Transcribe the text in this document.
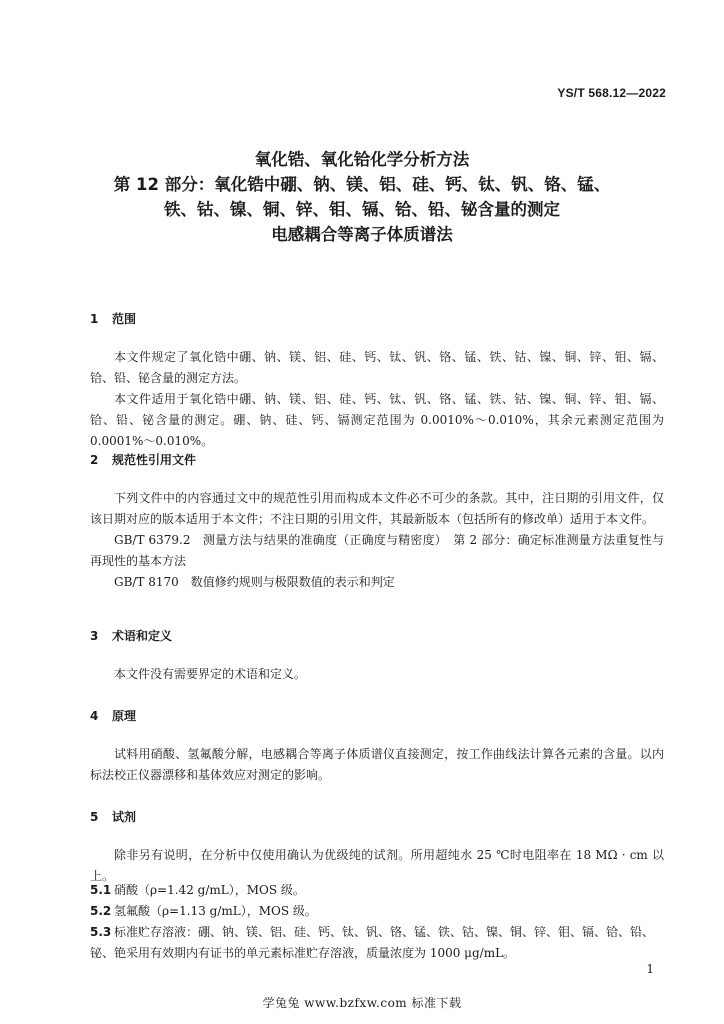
YS/T 568.12—2022
氧化锆、氧化铪化学分析方法
第 12 部分：氧化锆中硼、钠、镁、铝、硅、钙、钛、钒、铬、锰、
铁、钴、镍、铜、锌、钼、镉、铪、铅、铋含量的测定
电感耦合等离子体质谱法
1 范围

本文件规定了氧化锆中硼、钠、镁、铝、硅、钙、钛、钒、铬、锰、铁、钴、镍、铜、锌、钼、镉、铪、铅、铋含量的测定方法。

本文件适用于氧化锆中硼、钠、镁、铝、硅、钙、钛、钒、铬、锰、铁、钴、镍、铜、锌、钼、镉、铪、铅、铋含量的测定。硼、钠、硅、钙、镉测定范围为 0.0010%～0.010%，其余元素测定范围为 0.0001%～0.010%。

2 规范性引用文件

下列文件中的内容通过文中的规范性引用而构成本文件必不可少的条款。其中，注日期的引用文件，仅该日期对应的版本适用于本文件；不注日期的引用文件，其最新版本（包括所有的修改单）适用于本文件。

GB/T 6379.2　测量方法与结果的准确度（正确度与精密度）　第 2 部分：确定标准测量方法重复性与再现性的基本方法

GB/T 8170　数值修约规则与极限数值的表示和判定

3 术语和定义

本文件没有需要界定的术语和定义。

4 原理

试料用硝酸、氢氟酸分解，电感耦合等离子体质谱仪直接测定，按工作曲线法计算各元素的含量。以内标法校正仪器漂移和基体效应对测定的影响。

5 试剂

除非另有说明，在分析中仅使用确认为优级纯的试剂。所用超纯水 25 ℃时电阻率在 18 MΩ · cm 以上。

5.1 硝酸（ρ=1.42 g/mL），MOS 级。
5.2 氢氟酸（ρ=1.13 g/mL），MOS 级。
5.3 标准贮存溶液：硼、钠、镁、铝、硅、钙、钛、钒、铬、锰、铁、钴、镍、铜、锌、钼、镉、铪、铅、铋、铯采用有效期内有证书的单元素标准贮存溶液，质量浓度为 1000 μg/mL。
1
学兔兔 www.bzfxw.com 标准下载
